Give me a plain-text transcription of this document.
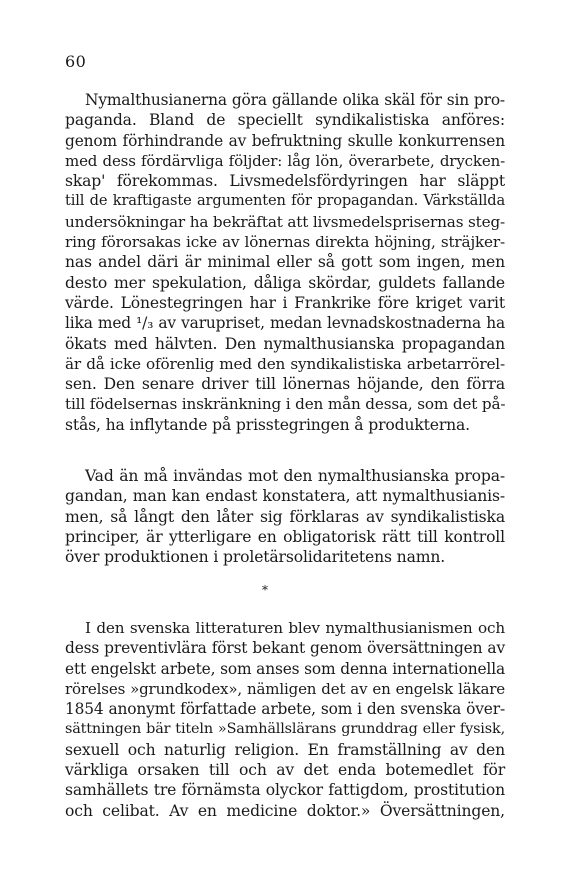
60
Nymalthusianerna göra gällande olika skäl för sin pro-
paganda. Bland de speciellt syndikalistiska anföres:
genom förhindrande av befruktning skulle konkurrensen
med dess fördärvliga följder: låg lön, överarbete, drycken-
skap' förekommas. Livsmedelsfördyringen har släppt
till de kraftigaste argumenten för propagandan. Värkställda
undersökningar ha bekräftat att livsmedelsprisernas steg-
ring förorsakas icke av lönernas direkta höjning, sträjker-
nas andel däri är minimal eller så gott som ingen, men
desto mer spekulation, dåliga skördar, guldets fallande
värde. Lönestegringen har i Frankrike före kriget varit
lika med ¹/₃ av varupriset, medan levnadskostnaderna ha
ökats med hälvten. Den nymalthusianska propagandan
är då icke oförenlig med den syndikalistiska arbetarrörel-
sen. Den senare driver till lönernas höjande, den förra
till födelsernas inskränkning i den mån dessa, som det på-
stås, ha inflytande på prisstegringen å produkterna.
Vad än må invändas mot den nymalthusianska propa-
gandan, man kan endast konstatera, att nymalthusianis-
men, så långt den låter sig förklaras av syndikalistiska
principer, är ytterligare en obligatorisk rätt till kontroll
över produktionen i proletärsolidaritetens namn.
*
I den svenska litteraturen blev nymalthusianismen och
dess preventivlära först bekant genom översättningen av
ett engelskt arbete, som anses som denna internationella
rörelses »grundkodex», nämligen det av en engelsk läkare
1854 anonymt författade arbete, som i den svenska över-
sättningen bär titeln »Samhällslärans grunddrag eller fysisk,
sexuell och naturlig religion. En framställning av den
värkliga orsaken till och av det enda botemedlet för
samhällets tre förnämsta olyckor fattigdom, prostitution
och celibat. Av en medicine doktor.» Översättningen,
